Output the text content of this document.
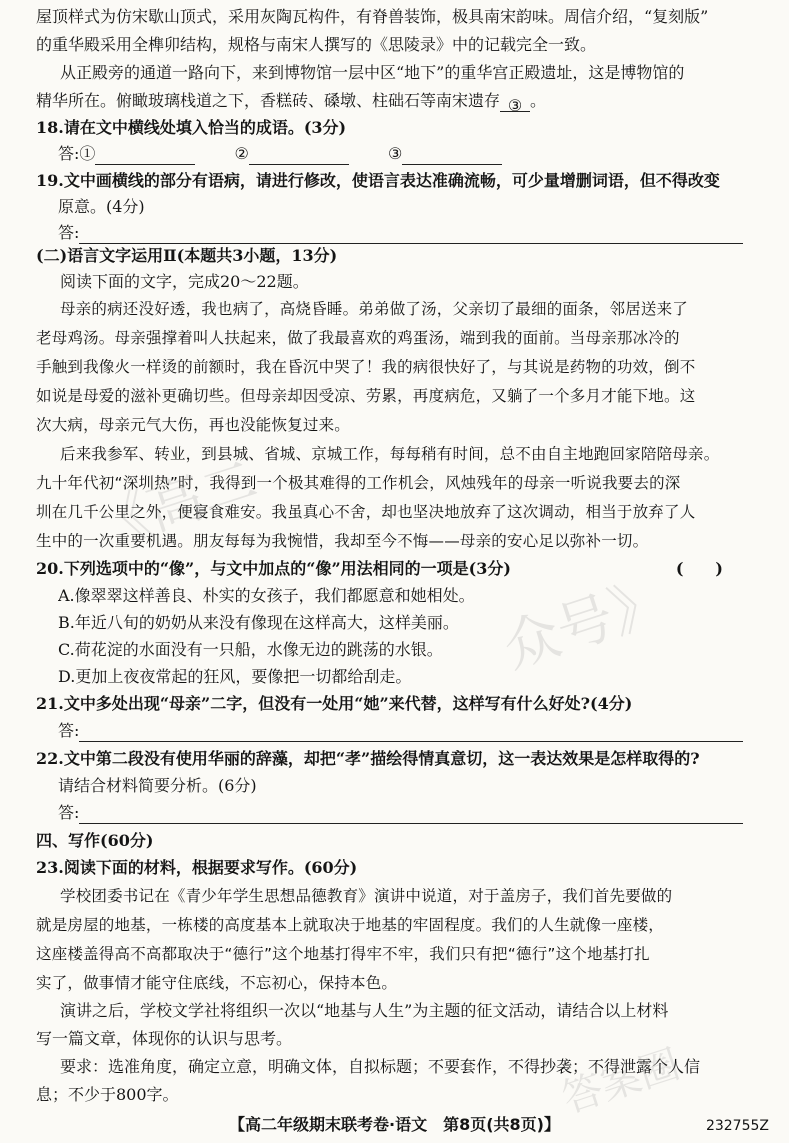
屋顶样式为仿宋歇山顶式，采用灰陶瓦构件，有脊兽装饰，极具南宋韵味。周信介绍，“复刻版”
的重华殿采用全榫卯结构，规格与南宋人撰写的《思陵录》中的记载完全一致。
从正殿旁的通道一路向下，来到博物馆一层中区“地下”的重华宫正殿遗址，这是博物馆的
精华所在。俯瞰玻璃栈道之下，香糕砖、磉墩、柱础石等南宋遗存 ③ 。
18.请在文中横线处填入恰当的成语。(3分)
答:①	②	③
19.文中画横线的部分有语病，请进行修改，使语言表达准确流畅，可少量增删词语，但不得改变
原意。(4分)
答:
(二)语言文字运用Ⅱ(本题共3小题，13分)
阅读下面的文字，完成20～22题。
母亲的病还没好透，我也病了，高烧昏睡。弟弟做了汤，父亲切了最细的面条，邻居送来了
老母鸡汤。母亲强撑着叫人扶起来，做了我最喜欢的鸡蛋汤，端到我的面前。当母亲那冰冷的
手触到我像火一样烫的前额时，我在昏沉中哭了！我的病很快好了，与其说是药物的功效，倒不
如说是母爱的滋补更确切些。但母亲却因受凉、劳累，再度病危，又躺了一个多月才能下地。这
次大病，母亲元气大伤，再也没能恢复过来。
后来我参军、转业，到县城、省城、京城工作，每每稍有时间，总不由自主地跑回家陪陪母亲。
九十年代初“深圳热”时，我得到一个极其难得的工作机会，风烛残年的母亲一听说我要去的深
圳在几千公里之外，便寝食难安。我虽真心不舍，却也坚决地放弃了这次调动，相当于放弃了人
生中的一次重要机遇。朋友每每为我惋惜，我却至今不悔——母亲的安心足以弥补一切。
20.下列选项中的“像”，与文中加点的“像”用法相同的一项是(3分)	(　　)
A.像翠翠这样善良、朴实的女孩子，我们都愿意和她相处。
B.年近八旬的奶奶从来没有像现在这样高大，这样美丽。
C.荷花淀的水面没有一只船，水像无边的跳荡的水银。
D.更加上夜夜常起的狂风，要像把一切都给刮走。
21.文中多处出现“母亲”二字，但没有一处用“她”来代替，这样写有什么好处?(4分)
答:
22.文中第二段没有使用华丽的辞藻，却把“孝”描绘得情真意切，这一表达效果是怎样取得的?
请结合材料简要分析。(6分)
答:
四、写作(60分)
23.阅读下面的材料，根据要求写作。(60分)
学校团委书记在《青少年学生思想品德教育》演讲中说道，对于盖房子，我们首先要做的
就是房屋的地基，一栋楼的高度基本上就取决于地基的牢固程度。我们的人生就像一座楼，
这座楼盖得高不高都取决于“德行”这个地基打得牢不牢，我们只有把“德行”这个地基打扎
实了，做事情才能守住底线，不忘初心，保持本色。
演讲之后，学校文学社将组织一次以“地基与人生”为主题的征文活动，请结合以上材料
写一篇文章，体现你的认识与思考。
要求：选准角度，确定立意，明确文体，自拟标题；不要套作，不得抄袭；不得泄露个人信
息；不少于800字。
【高二年级期末联考卷·语文　第8页(共8页)】	232755Z
《高二
众号》
答案圈
